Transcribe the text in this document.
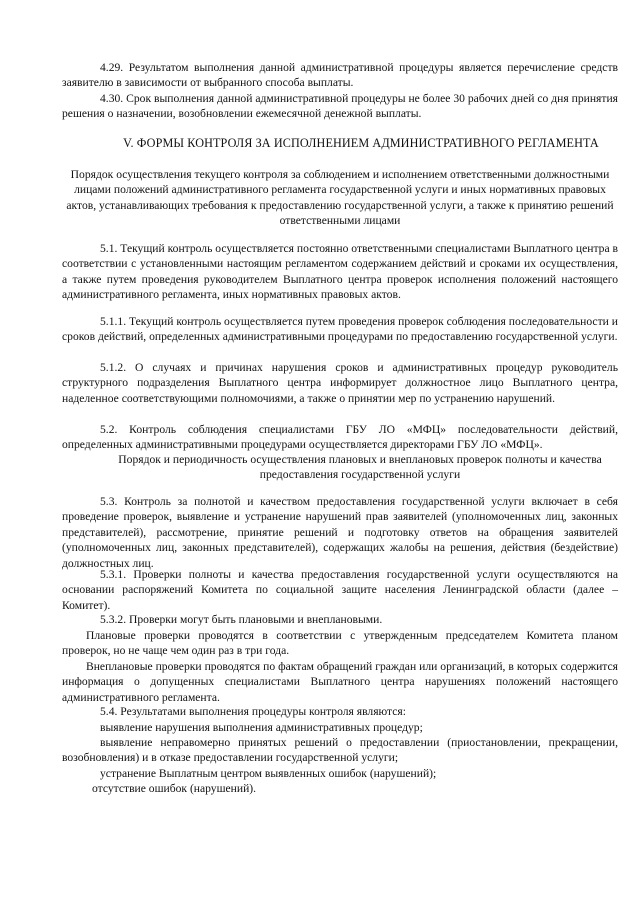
4.29. Результатом выполнения данной административной процедуры является перечисление средств заявителю в зависимости от выбранного способа выплаты.

4.30. Срок выполнения данной административной процедуры не более 30 рабочих дней со дня принятия решения о назначении, возобновлении ежемесячной денежной выплаты.

V. ФОРМЫ КОНТРОЛЯ ЗА ИСПОЛНЕНИЕМ АДМИНИСТРАТИВНОГО РЕГЛАМЕНТА

Порядок осуществления текущего контроля за соблюдением и исполнением ответственными должностными лицами положений административного регламента государственной услуги и иных нормативных правовых актов, устанавливающих требования к предоставлению государственной услуги, а также к принятию решений ответственными лицами

5.1. Текущий контроль осуществляется постоянно ответственными специалистами Выплатного центра в соответствии с установленными настоящим регламентом содержанием действий и сроками их осуществления, а также путем проведения руководителем Выплатного центра проверок исполнения положений настоящего административного регламента, иных нормативных правовых актов.

5.1.1. Текущий контроль осуществляется путем проведения проверок соблюдения последовательности и сроков действий, определенных административными процедурами по предоставлению государственной услуги.

5.1.2. О случаях и причинах нарушения сроков и административных процедур руководитель структурного подразделения Выплатного центра информирует должностное лицо Выплатного центра, наделенное соответствующими полномочиями, а также о принятии мер по устранению нарушений.

5.2. Контроль соблюдения специалистами ГБУ ЛО «МФЦ» последовательности действий, определенных административными процедурами осуществляется директорами ГБУ ЛО «МФЦ».

Порядок и периодичность осуществления плановых и внеплановых проверок полноты и качества предоставления государственной услуги

5.3. Контроль за полнотой и качеством предоставления государственной услуги включает в себя проведение проверок, выявление и устранение нарушений прав заявителей (уполномоченных лиц, законных представителей), рассмотрение, принятие решений и подготовку ответов на обращения заявителей (уполномоченных лиц, законных представителей), содержащих жалобы на решения, действия (бездействие) должностных лиц.

5.3.1. Проверки полноты и качества предоставления государственной услуги осуществляются на основании распоряжений Комитета по социальной защите населения Ленинградской области (далее – Комитет).

5.3.2. Проверки могут быть плановыми и внеплановыми.

Плановые проверки проводятся в соответствии с утвержденным председателем Комитета планом проверок, но не чаще чем один раз в три года.

Внеплановые проверки проводятся по фактам обращений граждан или организаций, в которых содержится информация о допущенных специалистами Выплатного центра нарушениях положений настоящего административного регламента.

5.4. Результатами выполнения процедуры контроля являются:

выявление нарушения выполнения административных процедур;

выявление неправомерно принятых решений о предоставлении (приостановлении, прекращении, возобновления) и в отказе предоставлении государственной услуги;

устранение Выплатным центром выявленных ошибок (нарушений);

отсутствие ошибок (нарушений).
